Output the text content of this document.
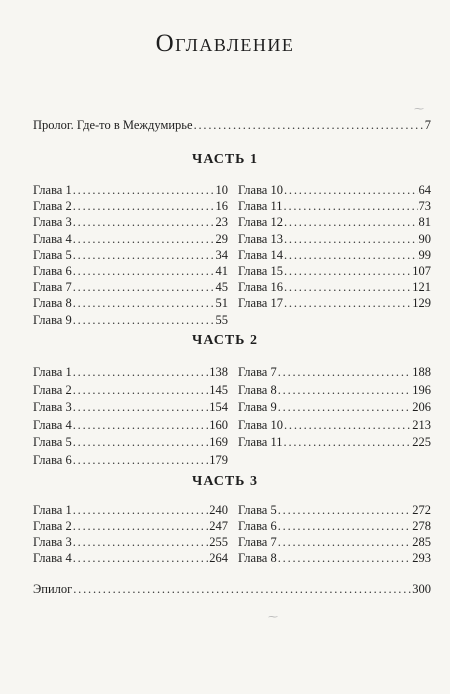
Оглавление
Пролог. Где-то в Междумирье .....	7
⁓
ЧАСТЬ 1
Глава 1 .....	10
Глава 2 .....	16
Глава 3 .....	23
Глава 4 .....	29
Глава 5 .....	34
Глава 6 .....	41
Глава 7 .....	45
Глава 8 .....	51
Глава 9 .....	55
Глава 10 .....	64
Глава 11 .....	73
Глава 12 .....	81
Глава 13 .....	90
Глава 14 .....	99
Глава 15 .....	107
Глава 16 .....	121
Глава 17 .....	129
ЧАСТЬ 2
Глава 1 .....	138
Глава 2 .....	145
Глава 3 .....	154
Глава 4 .....	160
Глава 5 .....	169
Глава 6 .....	179
Глава 7 .....	188
Глава 8 .....	196
Глава 9 .....	206
Глава 10 .....	213
Глава 11 .....	225
ЧАСТЬ 3
Глава 1 .....	240
Глава 2 .....	247
Глава 3 .....	255
Глава 4 .....	264
Глава 5 .....	272
Глава 6 .....	278
Глава 7 .....	285
Глава 8 .....	293
Эпилог .....	300
⁓
